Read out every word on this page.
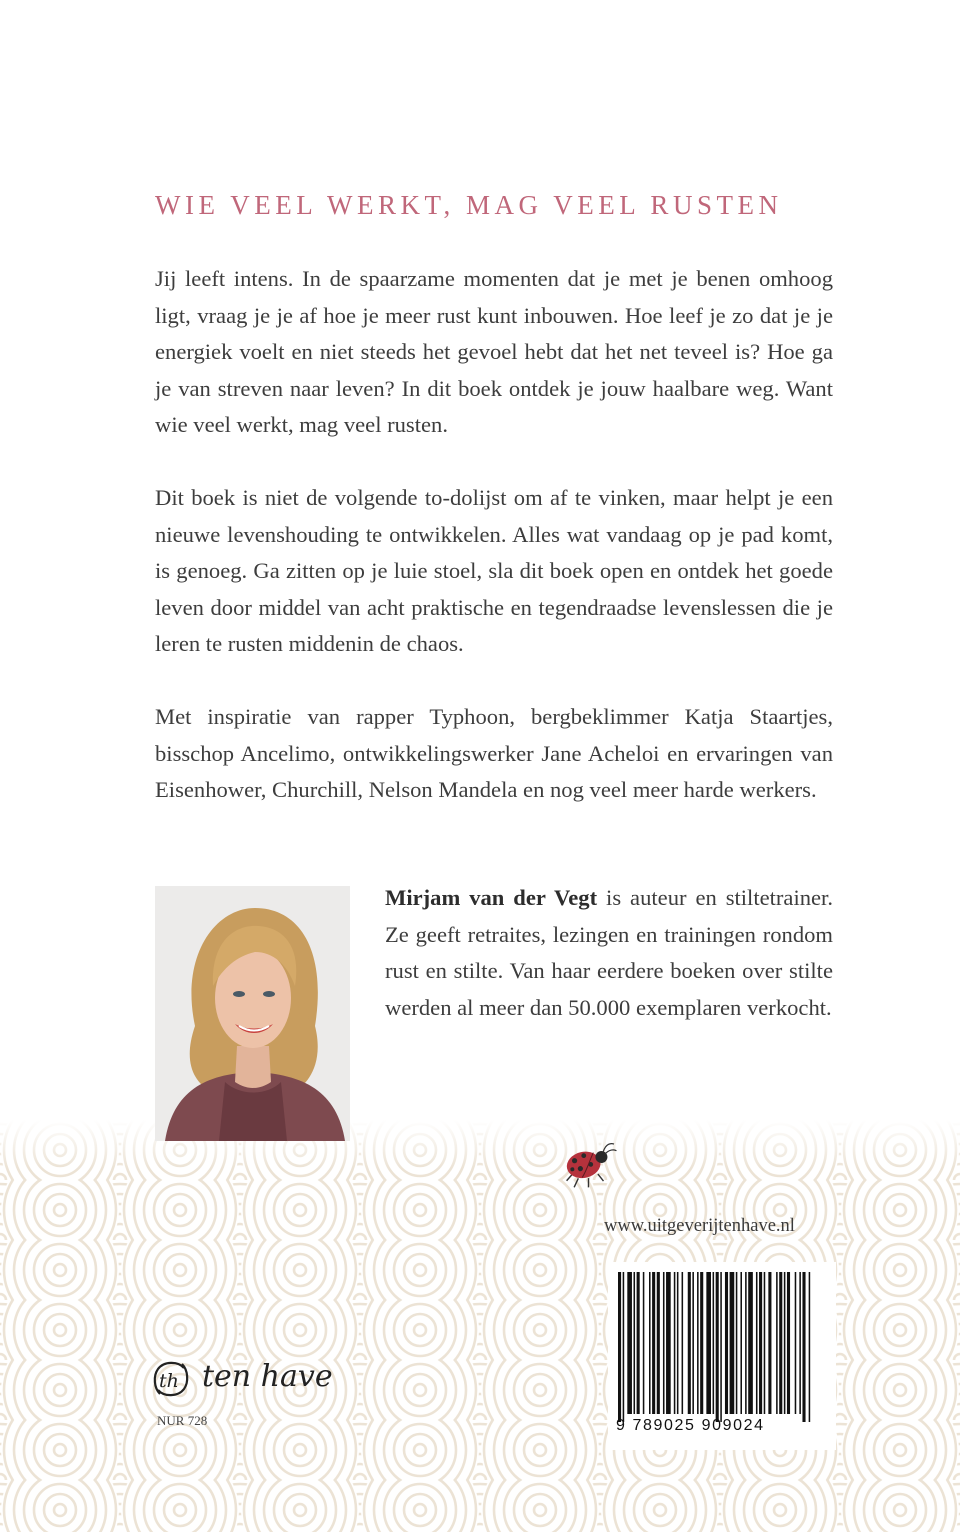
WIE VEEL WERKT, MAG VEEL RUSTEN

Jij leeft intens. In de spaarzame momenten dat je met je benen omhoog ligt, vraag je je af hoe je meer rust kunt inbouwen. Hoe leef je zo dat je je energiek voelt en niet steeds het gevoel hebt dat het net teveel is? Hoe ga je van streven naar leven? In dit boek ontdek je jouw haalbare weg. Want wie veel werkt, mag veel rusten.

Dit boek is niet de volgende to-dolijst om af te vinken, maar helpt je een nieuwe levenshouding te ontwikkelen. Alles wat vandaag op je pad komt, is genoeg. Ga zitten op je luie stoel, sla dit boek open en ontdek het goede leven door middel van acht praktische en tegendraadse levenslessen die je leren te rusten middenin de chaos.

Met inspiratie van rapper Typhoon, bergbeklimmer Katja Staartjes, bisschop Ancelimo, ontwikkelingswerker Jane Acheloi en ervaringen van Eisenhower, Churchill, Nelson Mandela en nog veel meer harde werkers.

Mirjam van der Vegt is auteur en stiltetrainer. Ze geeft retraites, lezingen en trainingen rondom rust en stilte. Van haar eerdere boeken over stilte werden al meer dan 50.000 exemplaren verkocht.

www.uitgeverijtenhave.nl
9 789025 909024
th ten have
NUR 728
